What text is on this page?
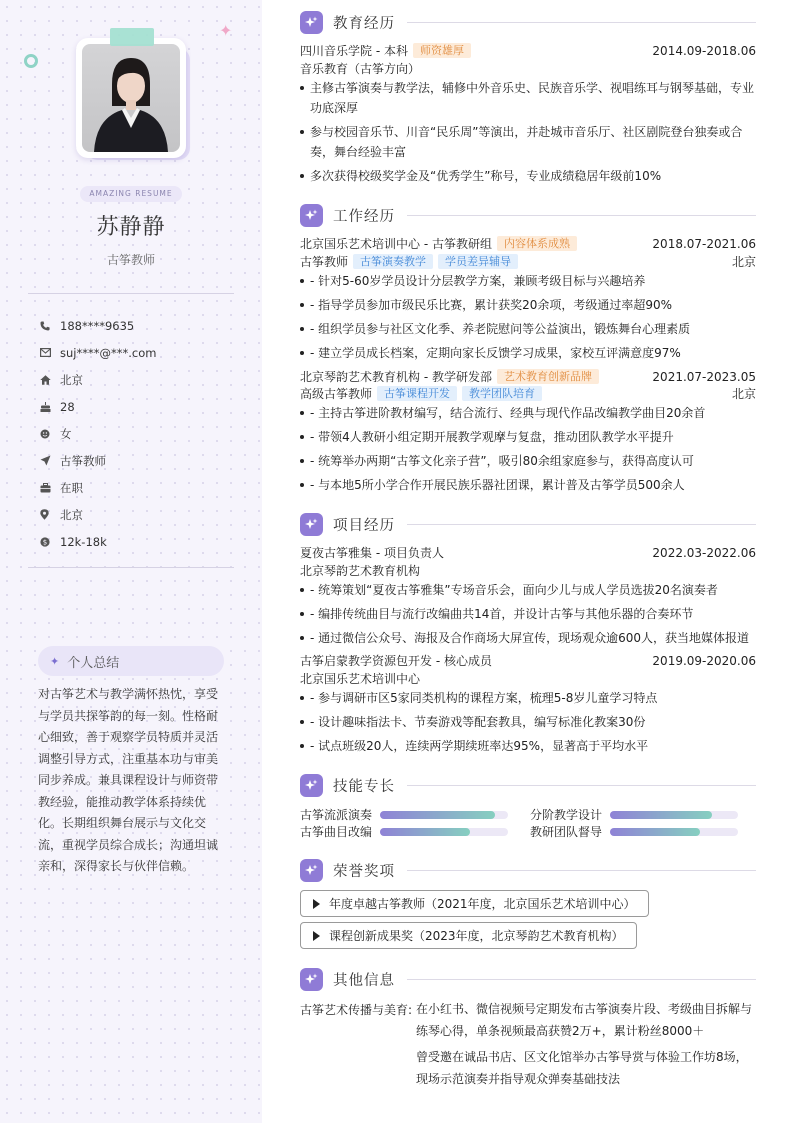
✦
AMAZING RESUME
苏静静
古筝教师
188****9635
suj****@***.com
北京
28
女
古筝教师
在职
北京
$ 12k-18k
✦ 个人总结
对古筝艺术与教学满怀热忱，享受与学员共探筝韵的每一刻。性格耐心细致，善于观察学员特质并灵活调整引导方式，注重基本功与审美同步养成。兼具课程设计与师资带教经验，能推动教学体系持续优化。长期组织舞台展示与文化交流，重视学员综合成长；沟通坦诚亲和，深得家长与伙伴信赖。
教育经历
四川音乐学院 - 本科 师资雄厚	2014.09-2018.06
音乐教育（古筝方向）
主修古筝演奏与教学法，辅修中外音乐史、民族音乐学、视唱练耳与钢琴基础，专业功底深厚
参与校园音乐节、川音“民乐周”等演出，并赴城市音乐厅、社区剧院登台独奏或合奏，舞台经验丰富
多次获得校级奖学金及“优秀学生”称号，专业成绩稳居年级前10%
工作经历
北京国乐艺术培训中心 - 古筝教研组 内容体系成熟	2018.07-2021.06
古筝教师 古筝演奏教学 学员差异辅导	北京
- 针对5-60岁学员设计分层教学方案，兼顾考级目标与兴趣培养
- 指导学员参加市级民乐比赛，累计获奖20余项，考级通过率超90%
- 组织学员参与社区文化季、养老院慰问等公益演出，锻炼舞台心理素质
- 建立学员成长档案，定期向家长反馈学习成果，家校互评满意度97%
北京琴韵艺术教育机构 - 教学研发部 艺术教育创新品牌	2021.07-2023.05
高级古筝教师 古筝课程开发 教学团队培育	北京
- 主持古筝进阶教材编写，结合流行、经典与现代作品改编教学曲目20余首
- 带领4人教研小组定期开展教学观摩与复盘，推动团队教学水平提升
- 统筹举办两期“古筝文化亲子营”，吸引80余组家庭参与，获得高度认可
- 与本地5所小学合作开展民族乐器社团课，累计普及古筝学员500余人
项目经历
夏夜古筝雅集 - 项目负责人	2022.03-2022.06
北京琴韵艺术教育机构
- 统筹策划“夏夜古筝雅集”专场音乐会，面向少儿与成人学员选拔20名演奏者
- 编排传统曲目与流行改编曲共14首，并设计古筝与其他乐器的合奏环节
- 通过微信公众号、海报及合作商场大屏宣传，现场观众逾600人，获当地媒体报道
古筝启蒙教学资源包开发 - 核心成员	2019.09-2020.06
北京国乐艺术培训中心
- 参与调研市区5家同类机构的课程方案，梳理5-8岁儿童学习特点
- 设计趣味指法卡、节奏游戏等配套教具，编写标准化教案30份
- 试点班级20人，连续两学期续班率达95%，显著高于平均水平
技能专长
古筝流派演奏	分阶教学设计
古筝曲目改编	教研团队督导
荣誉奖项
年度卓越古筝教师（2021年度，北京国乐艺术培训中心）
课程创新成果奖（2023年度，北京琴韵艺术教育机构）
其他信息
古筝艺术传播与美育: 在小红书、微信视频号定期发布古筝演奏片段、考级曲目拆解与练琴心得，单条视频最高获赞2万+，累计粉丝8000＋
曾受邀在诚品书店、区文化馆举办古筝导赏与体验工作坊8场，现场示范演奏并指导观众弹奏基础技法
